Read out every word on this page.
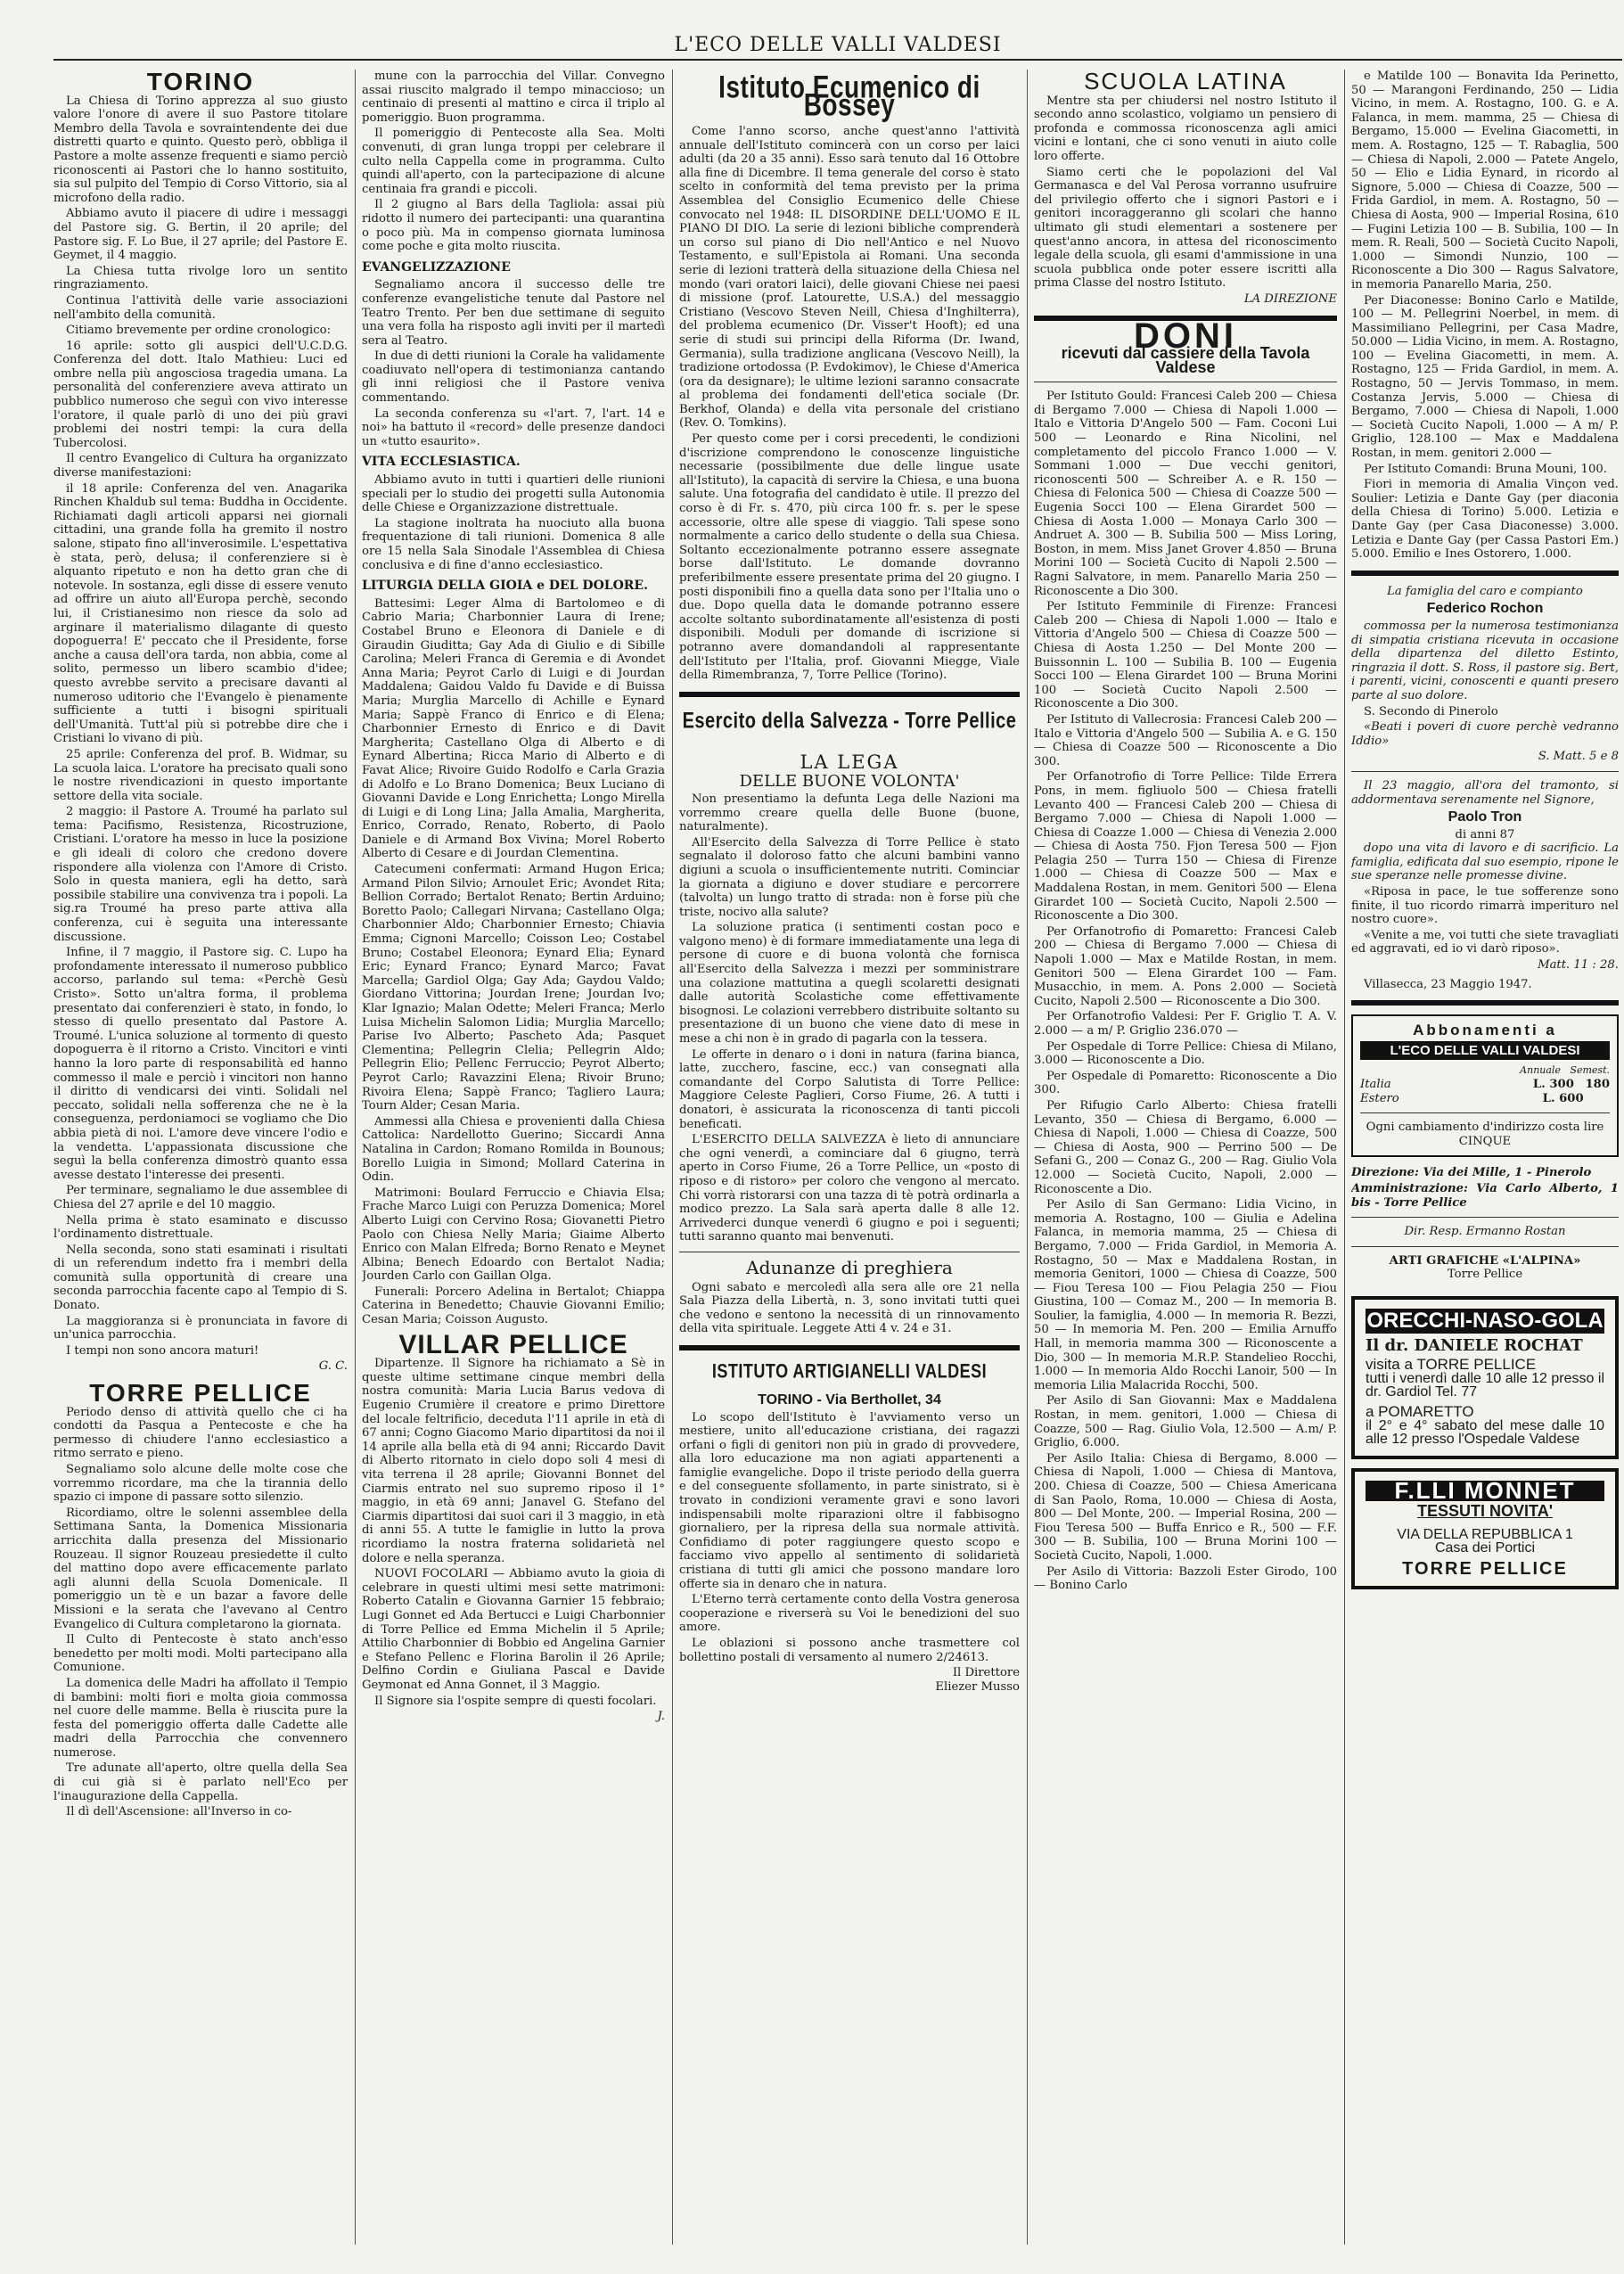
L'ECO DELLE VALLI VALDESI
TORINO

La Chiesa di Torino apprezza al suo giusto valore l'onore di avere il suo Pastore titolare Membro della Tavola e sovraintendente dei due distretti quarto e quinto. Questo però, obbliga il Pastore a molte assenze frequenti e siamo perciò riconoscenti ai Pastori che lo hanno sostituito, sia sul pulpito del Tempio di Corso Vittorio, sia al microfono della radio.

Abbiamo avuto il piacere di udire i messaggi del Pastore sig. G. Bertin, il 20 aprile; del Pastore sig. F. Lo Bue, il 27 aprile; del Pastore E. Geymet, il 4 maggio.

La Chiesa tutta rivolge loro un sentito ringraziamento.

Continua l'attività delle varie associazioni nell'ambito della comunità.

Citiamo brevemente per ordine cronologico:

16 aprile: sotto gli auspici dell'U.C.D.G. Conferenza del dott. Italo Mathieu: Luci ed ombre nella più angosciosa tragedia umana. La personalità del conferenziere aveva attirato un pubblico numeroso che seguì con vivo interesse l'oratore, il quale parlò di uno dei più gravi problemi dei nostri tempi: la cura della Tubercolosi.

Il centro Evangelico di Cultura ha organizzato diverse manifestazioni:

il 18 aprile: Conferenza del ven. Anagarika Rinchen Khaldub sul tema: Buddha in Occidente. Richiamati dagli articoli apparsi nei giornali cittadini, una grande folla ha gremito il nostro salone, stipato fino all'inverosimile. L'espettativa è stata, però, delusa; il conferenziere si è alquanto ripetuto e non ha detto gran che di notevole. In sostanza, egli disse di essere venuto ad offrire un aiuto all'Europa perchè, secondo lui, il Cristianesimo non riesce da solo ad arginare il materialismo dilagante di questo dopoguerra! E' peccato che il Presidente, forse anche a causa dell'ora tarda, non abbia, come al solito, permesso un libero scambio d'idee; questo avrebbe servito a precisare davanti al numeroso uditorio che l'Evangelo è pienamente sufficiente a tutti i bisogni spirituali dell'Umanità. Tutt'al più si potrebbe dire che i Cristiani lo vivano di più.

25 aprile: Conferenza del prof. B. Widmar, su La scuola laica. L'oratore ha precisato quali sono le nostre rivendicazioni in questo importante settore della vita sociale.

2 maggio: il Pastore A. Troumé ha parlato sul tema: Pacifismo, Resistenza, Ricostruzione, Cristiani. L'oratore ha messo in luce la posizione e gli ideali di coloro che credono dovere rispondere alla violenza con l'Amore di Cristo. Solo in questa maniera, egli ha detto, sarà possibile stabilire una convivenza tra i popoli. La sig.ra Troumé ha preso parte attiva alla conferenza, cui è seguita una interessante discussione.

Infine, il 7 maggio, il Pastore sig. C. Lupo ha profondamente interessato il numeroso pubblico accorso, parlando sul tema: «Perchè Gesù Cristo». Sotto un'altra forma, il problema presentato dai conferenzieri è stato, in fondo, lo stesso di quello presentato dal Pastore A. Troumé. L'unica soluzione al tormento di questo dopoguerra è il ritorno a Cristo. Vincitori e vinti hanno la loro parte di responsabilità ed hanno commesso il male e perciò i vincitori non hanno il diritto di vendicarsi dei vinti. Solidali nel peccato, solidali nella sofferenza che ne è la conseguenza, perdoniamoci se vogliamo che Dio abbia pietà di noi. L'amore deve vincere l'odio e la vendetta. L'appassionata discussione che seguì la bella conferenza dimostrò quanto essa avesse destato l'interesse dei presenti.

Per terminare, segnaliamo le due assemblee di Chiesa del 27 aprile e del 10 maggio.

Nella prima è stato esaminato e discusso l'ordinamento distrettuale.

Nella seconda, sono stati esaminati i risultati di un referendum indetto fra i membri della comunità sulla opportunità di creare una seconda parrocchia facente capo al Tempio di S. Donato.

La maggioranza si è pronunciata in favore di un'unica parrocchia.

I tempi non sono ancora maturi!

G. C.
TORRE PELLICE

Periodo denso di attività quello che ci ha condotti da Pasqua a Pentecoste e che ha permesso di chiudere l'anno ecclesiastico a ritmo serrato e pieno.

Segnaliamo solo alcune delle molte cose che vorremmo ricordare, ma che la tirannia dello spazio ci impone di passare sotto silenzio.

Ricordiamo, oltre le solenni assemblee della Settimana Santa, la Domenica Missionaria arricchita dalla presenza del Missionario Rouzeau. Il signor Rouzeau presiedette il culto del mattino dopo avere efficacemente parlato agli alunni della Scuola Domenicale. Il pomeriggio un tè e un bazar a favore delle Missioni e la serata che l'avevano al Centro Evangelico di Cultura completarono la giornata.

Il Culto di Pentecoste è stato anch'esso benedetto per molti modi. Molti partecipano alla Comunione.

La domenica delle Madri ha affollato il Tempio di bambini: molti fiori e molta gioia commossa nel cuore delle mamme. Bella è riuscita pure la festa del pomeriggio offerta dalle Cadette alle madri della Parrocchia che convennero numerose.

Tre adunate all'aperto, oltre quella della Sea di cui già si è parlato nell'Eco per l'inaugurazione della Cappella.

Il dì dell'Ascensione: all'Inverso in co-

mune con la parrocchia del Villar. Convegno assai riuscito malgrado il tempo minaccioso; un centinaio di presenti al mattino e circa il triplo al pomeriggio. Buon programma.

Il pomeriggio di Pentecoste alla Sea. Molti convenuti, di gran lunga troppi per celebrare il culto nella Cappella come in programma. Culto quindi all'aperto, con la partecipazione di alcune centinaia fra grandi e piccoli.

Il 2 giugno al Bars della Tagliola: assai più ridotto il numero dei partecipanti: una quarantina o poco più. Ma in compenso giornata luminosa come poche e gita molto riuscita.

EVANGELIZZAZIONE

Segnaliamo ancora il successo delle tre conferenze evangelistiche tenute dal Pastore nel Teatro Trento. Per ben due settimane di seguito una vera folla ha risposto agli inviti per il martedì sera al Teatro.

In due di detti riunioni la Corale ha validamente coadiuvato nell'opera di testimonianza cantando gli inni religiosi che il Pastore veniva commentando.

La seconda conferenza su «l'art. 7, l'art. 14 e noi» ha battuto il «record» delle presenze dandoci un «tutto esaurito».

VITA ECCLESIASTICA.

Abbiamo avuto in tutti i quartieri delle riunioni speciali per lo studio dei progetti sulla Autonomia delle Chiese e Organizzazione distrettuale.

La stagione inoltrata ha nuociuto alla buona frequentazione di tali riunioni. Domenica 8 alle ore 15 nella Sala Sinodale l'Assemblea di Chiesa conclusiva e di fine d'anno ecclesiastico.

LITURGIA DELLA GIOIA e DEL DOLORE.

Battesimi: Leger Alma di Bartolomeo e di Cabrio Maria; Charbonnier Laura di Irene; Costabel Bruno e Eleonora di Daniele e di Giraudin Giuditta; Gay Ada di Giulio e di Sibille Carolina; Meleri Franca di Geremia e di Avondet Anna Maria; Peyrot Carlo di Luigi e di Jourdan Maddalena; Gaidou Valdo fu Davide e di Buissa Maria; Murglia Marcello di Achille e Eynard Maria; Sappè Franco di Enrico e di Elena; Charbonnier Ernesto di Enrico e di Davit Margherita; Castellano Olga di Alberto e di Eynard Albertina; Ricca Mario di Alberto e di Favat Alice; Rivoire Guido Rodolfo e Carla Grazia di Adolfo e Lo Brano Domenica; Beux Luciano di Giovanni Davide e Long Enrichetta; Longo Mirella di Luigi e di Long Lina; Jalla Amalia, Margherita, Enrico, Corrado, Renato, Roberto, di Paolo Daniele e di Armand Box Vivina; Morel Roberto Alberto di Cesare e di Jourdan Clementina.

Catecumeni confermati: Armand Hugon Erica; Armand Pilon Silvio; Arnoulet Eric; Avondet Rita; Bellion Corrado; Bertalot Renato; Bertin Arduino; Boretto Paolo; Callegari Nirvana; Castellano Olga; Charbonnier Aldo; Charbonnier Ernesto; Chiavia Emma; Cignoni Marcello; Coisson Leo; Costabel Bruno; Costabel Eleonora; Eynard Elia; Eynard Eric; Eynard Franco; Eynard Marco; Favat Marcella; Gardiol Olga; Gay Ada; Gaydou Valdo; Giordano Vittorina; Jourdan Irene; Jourdan Ivo; Klar Ignazio; Malan Odette; Meleri Franca; Merlo Luisa Michelin Salomon Lidia; Murglia Marcello; Parise Ivo Alberto; Pascheto Ada; Pasquet Clementina; Pellegrin Clelia; Pellegrin Aldo; Pellegrin Elio; Pellenc Ferruccio; Peyrot Alberto; Peyrot Carlo; Ravazzini Elena; Rivoir Bruno; Rivoira Elena; Sappè Franco; Tagliero Laura; Tourn Alder; Cesan Maria.

Ammessi alla Chiesa e provenienti dalla Chiesa Cattolica: Nardellotto Guerino; Siccardi Anna Natalina in Cardon; Romano Romilda in Bounous; Borello Luigia in Simond; Mollard Caterina in Odin.

Matrimoni: Boulard Ferruccio e Chiavia Elsa; Frache Marco Luigi con Peruzza Domenica; Morel Alberto Luigi con Cervino Rosa; Giovanetti Pietro Paolo con Chiesa Nelly Maria; Giaime Alberto Enrico con Malan Elfreda; Borno Renato e Meynet Albina; Benech Edoardo con Bertalot Nadia; Jourden Carlo con Gaillan Olga.

Funerali: Porcero Adelina in Bertalot; Chiappa Caterina in Benedetto; Chauvie Giovanni Emilio; Cesan Maria; Coisson Augusto.

VILLAR PELLICE

Dipartenze. Il Signore ha richiamato a Sè in queste ultime settimane cinque membri della nostra comunità: Maria Lucia Barus vedova di Eugenio Crumière il creatore e primo Direttore del locale feltrificio, deceduta l'11 aprile in età di 67 anni; Cogno Giacomo Mario dipartitosi da noi il 14 aprile alla bella età di 94 anni; Riccardo Davit di Alberto ritornato in cielo dopo soli 4 mesi di vita terrena il 28 aprile; Giovanni Bonnet del Ciarmis entrato nel suo supremo riposo il 1° maggio, in età 69 anni; Janavel G. Stefano del Ciarmis dipartitosi dai suoi cari il 3 maggio, in età di anni 55. A tutte le famiglie in lutto la prova ricordiamo la nostra fraterna solidarietà nel dolore e nella speranza.

NUOVI FOCOLARI — Abbiamo avuto la gioia di celebrare in questi ultimi mesi sette matrimoni: Roberto Catalin e Giovanna Garnier 15 febbraio; Lugi Gonnet ed Ada Bertucci e Luigi Charbonnier di Torre Pellice ed Emma Michelin il 5 Aprile; Attilio Charbonnier di Bobbio ed Angelina Garnier e Stefano Pellenc e Florina Barolin il 26 Aprile; Delfino Cordin e Giuliana Pascal e Davide Geymonat ed Anna Gonnet, il 3 Maggio.

Il Signore sia l'ospite sempre di questi focolari.

J.
Istituto Ecumenico di Bossey

Come l'anno scorso, anche quest'anno l'attività annuale dell'Istituto comincerà con un corso per laici adulti (da 20 a 35 anni). Esso sarà tenuto dal 16 Ottobre alla fine di Dicembre. Il tema generale del corso è stato scelto in conformità del tema previsto per la prima Assemblea del Consiglio Ecumenico delle Chiese convocato nel 1948: IL DISORDINE DELL'UOMO E IL PIANO DI DIO. La serie di lezioni bibliche comprenderà un corso sul piano di Dio nell'Antico e nel Nuovo Testamento, e sull'Epistola ai Romani. Una seconda serie di lezioni tratterà della situazione della Chiesa nel mondo (vari oratori laici), delle giovani Chiese nei paesi di missione (prof. Latourette, U.S.A.) del messaggio Cristiano (Vescovo Steven Neill, Chiesa d'Inghilterra), del problema ecumenico (Dr. Visser't Hooft); ed una serie di studi sui principi della Riforma (Dr. Iwand, Germania), sulla tradizione anglicana (Vescovo Neill), la tradizione ortodossa (P. Evdokimov), le Chiese d'America (ora da designare); le ultime lezioni saranno consacrate al problema dei fondamenti dell'etica sociale (Dr. Berkhof, Olanda) e della vita personale del cristiano (Rev. O. Tomkins).

Per questo come per i corsi precedenti, le condizioni d'iscrizione comprendono le conoscenze linguistiche necessarie (possibilmente due delle lingue usate all'Istituto), la capacità di servire la Chiesa, e una buona salute. Una fotografia del candidato è utile. Il prezzo del corso è di Fr. s. 470, più circa 100 fr. s. per le spese accessorie, oltre alle spese di viaggio. Tali spese sono normalmente a carico dello studente o della sua Chiesa. Soltanto eccezionalmente potranno essere assegnate borse dall'Istituto. Le domande dovranno preferibilmente essere presentate prima del 20 giugno. I posti disponibili fino a quella data sono per l'Italia uno o due. Dopo quella data le domande potranno essere accolte soltanto subordinatamente all'esistenza di posti disponibili. Moduli per domande di iscrizione si potranno avere domandandoli al rappresentante dell'Istituto per l'Italia, prof. Giovanni Miegge, Viale della Rimembranza, 7, Torre Pellice (Torino).

Esercito della Salvezza - Torre Pellice
LA LEGA
DELLE BUONE VOLONTA'

Non presentiamo la defunta Lega delle Nazioni ma vorremmo creare quella delle Buone (buone, naturalmente).

All'Esercito della Salvezza di Torre Pellice è stato segnalato il doloroso fatto che alcuni bambini vanno digiuni a scuola o insufficientemente nutriti. Cominciar la giornata a digiuno e dover studiare e percorrere (talvolta) un lungo tratto di strada: non è forse più che triste, nocivo alla salute?

La soluzione pratica (i sentimenti costan poco e valgono meno) è di formare immediatamente una lega di persone di cuore e di buona volontà che fornisca all'Esercito della Salvezza i mezzi per somministrare una colazione mattutina a quegli scolaretti designati dalle autorità Scolastiche come effettivamente bisognosi. Le colazioni verrebbero distribuite soltanto su presentazione di un buono che viene dato di mese in mese a chi non è in grado di pagarla con la tessera.

Le offerte in denaro o i doni in natura (farina bianca, latte, zucchero, fascine, ecc.) van consegnati alla comandante del Corpo Salutista di Torre Pellice: Maggiore Celeste Paglieri, Corso Fiume, 26. A tutti i donatori, è assicurata la riconoscenza di tanti piccoli beneficati.

L'ESERCITO DELLA SALVEZZA è lieto di annunciare che ogni venerdì, a cominciare dal 6 giugno, terrà aperto in Corso Fiume, 26 a Torre Pellice, un «posto di riposo e di ristoro» per coloro che vengono al mercato. Chi vorrà ristorarsi con una tazza di tè potrà ordinarla a modico prezzo. La Sala sarà aperta dalle 8 alle 12. Arrivederci dunque venerdì 6 giugno e poi i seguenti; tutti saranno quanto mai benvenuti.

Adunanze di preghiera

Ogni sabato e mercoledì alla sera alle ore 21 nella Sala Piazza della Libertà, n. 3, sono invitati tutti quei che vedono e sentono la necessità di un rinnovamento della vita spirituale. Leggete Atti 4 v. 24 e 31.

ISTITUTO ARTIGIANELLI VALDESI
TORINO - Via Berthollet, 34

Lo scopo dell'Istituto è l'avviamento verso un mestiere, unito all'educazione cristiana, dei ragazzi orfani o figli di genitori non più in grado di provvedere, alla loro educazione ma non agiati appartenenti a famiglie evangeliche. Dopo il triste periodo della guerra e del conseguente sfollamento, in parte sinistrato, si è trovato in condizioni veramente gravi e sono lavori indispensabili molte riparazioni oltre il fabbisogno giornaliero, per la ripresa della sua normale attività. Confidiamo di poter raggiungere questo scopo e facciamo vivo appello al sentimento di solidarietà cristiana di tutti gli amici che possono mandare loro offerte sia in denaro che in natura.

L'Eterno terrà certamente conto della Vostra generosa cooperazione e riverserà su Voi le benedizioni del suo amore.

Le oblazioni si possono anche trasmettere col bollettino postali di versamento al numero 2/24613.

Il Direttore
Eliezer Musso
SCUOLA LATINA

Mentre sta per chiudersi nel nostro Istituto il secondo anno scolastico, volgiamo un pensiero di profonda e commossa riconoscenza agli amici vicini e lontani, che ci sono venuti in aiuto colle loro offerte.

Siamo certi che le popolazioni del Val Germanasca e del Val Perosa vorranno usufruire del privilegio offerto che i signori Pastori e i genitori incoraggeranno gli scolari che hanno ultimato gli studi elementari a sostenere per quest'anno ancora, in attesa del riconoscimento legale della scuola, gli esami d'ammissione in una scuola pubblica onde poter essere iscritti alla prima Classe del nostro Istituto.

LA DIREZIONE
DONI
ricevuti dal cassiere della Tavola Valdese

Per Istituto Gould: Francesi Caleb 200 — Chiesa di Bergamo 7.000 — Chiesa di Napoli 1.000 — Italo e Vittoria D'Angelo 500 — Fam. Coconi Lui 500 — Leonardo e Rina Nicolini, nel completamento del piccolo Franco 1.000 — V. Sommani 1.000 — Due vecchi genitori, riconoscenti 500 — Schreiber A. e R. 150 — Chiesa di Felonica 500 — Chiesa di Coazze 500 — Eugenia Socci 100 — Elena Girardet 500 — Chiesa di Aosta 1.000 — Monaya Carlo 300 — Andruet A. 300 — B. Subilia 500 — Miss Loring, Boston, in mem. Miss Janet Grover 4.850 — Bruna Morini 100 — Società Cucito di Napoli 2.500 — Ragni Salvatore, in mem. Panarello Maria 250 — Riconoscente a Dio 300.

Per Istituto Femminile di Firenze: Francesi Caleb 200 — Chiesa di Napoli 1.000 — Italo e Vittoria d'Angelo 500 — Chiesa di Coazze 500 — Chiesa di Aosta 1.250 — Del Monte 200 — Buissonnin L. 100 — Subilia B. 100 — Eugenia Socci 100 — Elena Girardet 100 — Bruna Morini 100 — Società Cucito Napoli 2.500 — Riconoscente a Dio 300.

Per Istituto di Vallecrosia: Francesi Caleb 200 — Italo e Vittoria d'Angelo 500 — Subilia A. e G. 150 — Chiesa di Coazze 500 — Riconoscente a Dio 300.

Per Orfanotrofio di Torre Pellice: Tilde Errera Pons, in mem. figliuolo 500 — Chiesa fratelli Levanto 400 — Francesi Caleb 200 — Chiesa di Bergamo 7.000 — Chiesa di Napoli 1.000 — Chiesa di Coazze 1.000 — Chiesa di Venezia 2.000 — Chiesa di Aosta 750. Fjon Teresa 500 — Fjon Pelagia 250 — Turra 150 — Chiesa di Firenze 1.000 — Chiesa di Coazze 500 — Max e Maddalena Rostan, in mem. Genitori 500 — Elena Girardet 100 — Società Cucito, Napoli 2.500 — Riconoscente a Dio 300.

Per Orfanotrofio di Pomaretto: Francesi Caleb 200 — Chiesa di Bergamo 7.000 — Chiesa di Napoli 1.000 — Max e Matilde Rostan, in mem. Genitori 500 — Elena Girardet 100 — Fam. Musacchio, in mem. A. Pons 2.000 — Società Cucito, Napoli 2.500 — Riconoscente a Dio 300.

Per Orfanotrofio Valdesi: Per F. Griglio T. A. V. 2.000 — a m/ P. Griglio 236.070 —

Per Ospedale di Torre Pellice: Chiesa di Milano, 3.000 — Riconoscente a Dio.

Per Ospedale di Pomaretto: Riconoscente a Dio 300.

Per Rifugio Carlo Alberto: Chiesa fratelli Levanto, 350 — Chiesa di Bergamo, 6.000 — Chiesa di Napoli, 1.000 — Chiesa di Coazze, 500 — Chiesa di Aosta, 900 — Perrino 500 — De Sefani G., 200 — Conaz G., 200 — Rag. Giulio Vola 12.000 — Società Cucito, Napoli, 2.000 — Riconoscente a Dio.

Per Asilo di San Germano: Lidia Vicino, in memoria A. Rostagno, 100 — Giulia e Adelina Falanca, in memoria mamma, 25 — Chiesa di Bergamo, 7.000 — Frida Gardiol, in Memoria A. Rostagno, 50 — Max e Maddalena Rostan, in memoria Genitori, 1000 — Chiesa di Coazze, 500 — Fiou Teresa 100 — Fiou Pelagia 250 — Fiou Giustina, 100 — Comaz M., 200 — In memoria B. Soulier, la famiglia, 4.000 — In memoria R. Bezzi, 50 — In memoria M. Pen. 200 — Emilia Arnuffo Hall, in memoria mamma 300 — Riconoscente a Dio, 300 — In memoria M.R.P. Standelieo Rocchi, 1.000 — In memoria Aldo Rocchi Lanoir, 500 — In memoria Lilia Malacrida Rocchi, 500.

Per Asilo di San Giovanni: Max e Maddalena Rostan, in mem. genitori, 1.000 — Chiesa di Coazze, 500 — Rag. Giulio Vola, 12.500 — A.m/ P. Griglio, 6.000.

Per Asilo Italia: Chiesa di Bergamo, 8.000 — Chiesa di Napoli, 1.000 — Chiesa di Mantova, 200. Chiesa di Coazze, 500 — Chiesa Americana di San Paolo, Roma, 10.000 — Chiesa di Aosta, 800 — Del Monte, 200. — Imperial Rosina, 200 — Fiou Teresa 500 — Buffa Enrico e R., 500 — F.F. 300 — B. Subilia, 100 — Bruna Morini 100 — Società Cucito, Napoli, 1.000.

Per Asilo di Vittoria: Bazzoli Ester Girodo, 100 — Bonino Carlo

e Matilde 100 — Bonavita Ida Perinetto, 50 — Marangoni Ferdinando, 250 — Lidia Vicino, in mem. A. Rostagno, 100. G. e A. Falanca, in mem. mamma, 25 — Chiesa di Bergamo, 15.000 — Evelina Giacometti, in mem. A. Rostagno, 125 — T. Rabaglia, 500 — Chiesa di Napoli, 2.000 — Patete Angelo, 50 — Elio e Lidia Eynard, in ricordo al Signore, 5.000 — Chiesa di Coazze, 500 — Frida Gardiol, in mem. A. Rostagno, 50 — Chiesa di Aosta, 900 — Imperial Rosina, 610 — Fugini Letizia 100 — B. Subilia, 100 — In mem. R. Reali, 500 — Società Cucito Napoli, 1.000 — Simondi Nunzio, 100 — Riconoscente a Dio 300 — Ragus Salvatore, in memoria Panarello Maria, 250.

Per Diaconesse: Bonino Carlo e Matilde, 100 — M. Pellegrini Noerbel, in mem. di Massimiliano Pellegrini, per Casa Madre, 50.000 — Lidia Vicino, in mem. A. Rostagno, 100 — Evelina Giacometti, in mem. A. Rostagno, 125 — Frida Gardiol, in mem. A. Rostagno, 50 — Jervis Tommaso, in mem. Costanza Jervis, 5.000 — Chiesa di Bergamo, 7.000 — Chiesa di Napoli, 1.000 — Società Cucito Napoli, 1.000 — A m/ P. Griglio, 128.100 — Max e Maddalena Rostan, in mem. genitori 2.000 —

Per Istituto Comandi: Bruna Mouni, 100.

Fiori in memoria di Amalia Vinçon ved. Soulier: Letizia e Dante Gay (per diaconia della Chiesa di Torino) 5.000. Letizia e Dante Gay (per Casa Diaconesse) 3.000. Letizia e Dante Gay (per Cassa Pastori Em.) 5.000. Emilio e Ines Ostorero, 1.000.

La famiglia del caro e compianto
Federico Rochon

commossa per la numerosa testimonianza di simpatia cristiana ricevuta in occasione della dipartenza del diletto Estinto, ringrazia il dott. S. Ross, il pastore sig. Bert, i parenti, vicini, conoscenti e quanti presero parte al suo dolore.

S. Secondo di Pinerolo

«Beati i poveri di cuore perchè vedranno Iddio»

S. Matt. 5 e 8

Il 23 maggio, all'ora del tramonto, si addormentava serenamente nel Signore,

Paolo Tron
di anni 87

dopo una vita di lavoro e di sacrificio. La famiglia, edificata dal suo esempio, ripone le sue speranze nelle promesse divine.

«Riposa in pace, le tue sofferenze sono finite, il tuo ricordo rimarrà imperituro nel nostro cuore».

«Venite a me, voi tutti che siete travagliati ed aggravati, ed io vi darò riposo».

Matt. 11 : 28.

Villasecca, 23 Maggio 1947.

Abbonamenti a
L'ECO DELLE VALLI VALDESI
Annuale   Semest.
Italia	L. 300 180
Estero	L. 600
Ogni cambiamento d'indirizzo costa lire CINQUE

Direzione: Via dei Mille, 1 - Pinerolo

Amministrazione: Via Carlo Alberto, 1 bis - Torre Pellice

Dir. Resp. Ermanno Rostan
ARTI GRAFICHE «L'ALPINA»
Torre Pellice
ORECCHI-NASO-GOLA
Il dr. DANIELE ROCHAT
visita a TORRE PELLICE
tutti i venerdì dalle 10 alle 12 presso il dr. Gardiol Tel. 77
a POMARETTO
il 2° e 4° sabato del mese dalle 10 alle 12 presso l'Ospedale Valdese
F.LLI MONNET
TESSUTI NOVITA'
VIA DELLA REPUBBLICA 1
Casa dei Portici
TORRE PELLICE
